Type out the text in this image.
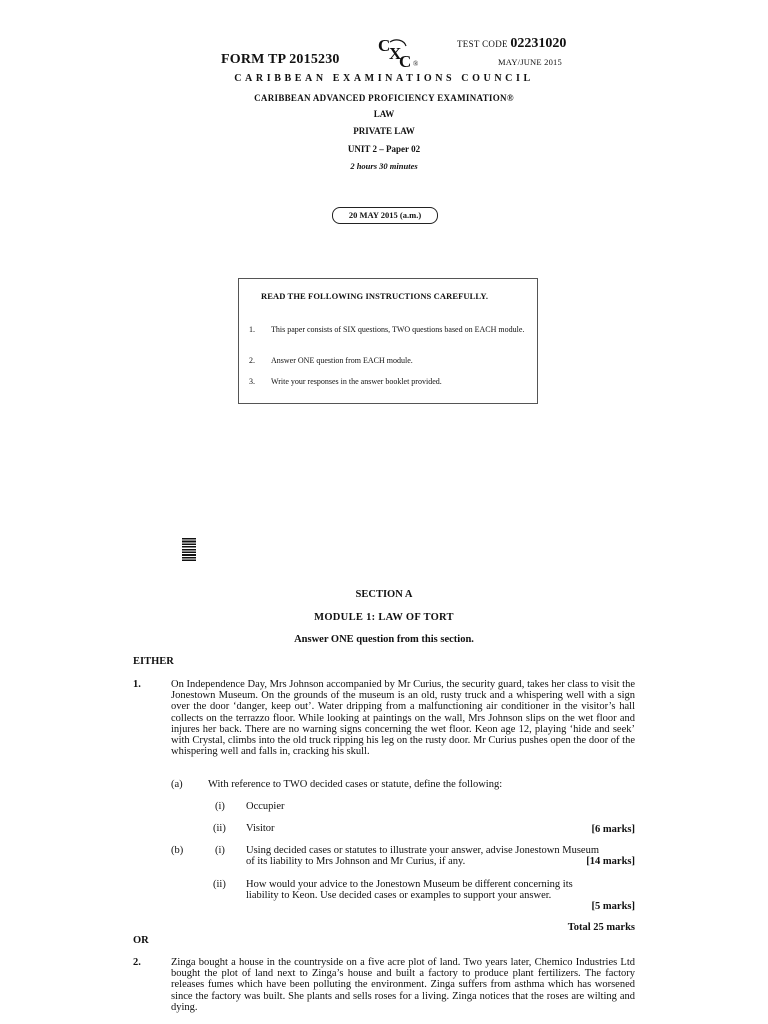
FORM TP 2015230
C
X
C ®
TEST CODE 02231020
MAY/JUNE 2015
CARIBBEAN EXAMINATIONS COUNCIL
CARIBBEAN ADVANCED PROFICIENCY EXAMINATION®
LAW
PRIVATE LAW
UNIT 2 – Paper 02
2 hours 30 minutes
20 MAY 2015 (a.m.)
READ THE FOLLOWING INSTRUCTIONS CAREFULLY.
1. This paper consists of SIX questions, TWO questions based on EACH module.
2. Answer ONE question from EACH module.
3. Write your responses in the answer booklet provided.
SECTION A
MODULE 1: LAW OF TORT
Answer ONE question from this section.
EITHER
1.	On Independence Day, Mrs Johnson accompanied by Mr Curius, the security guard, takes her class to visit the Jonestown Museum. On the grounds of the museum is an old, rusty truck and a whispering well with a sign over the door ‘danger, keep out’. Water dripping from a malfunctioning air conditioner in the visitor’s hall collects on the terrazzo floor. While looking at paintings on the wall, Mrs Johnson slips on the wet floor and injures her back. There are no warning signs concerning the wet floor. Keon age 12, playing ‘hide and seek’ with Crystal, climbs into the old truck ripping his leg on the rusty door. Mr Curius pushes open the door of the whispering well and falls in, cracking his skull.
(a) With reference to TWO decided cases or statute, define the following:
(i) Occupier
(ii) Visitor	[6 marks]
(b)	(i) Using decided cases or statutes to illustrate your answer, advise Jonestown Museum
of its liability to Mrs Johnson and Mr Curius, if any.	[14 marks]
(ii) How would your advice to the Jonestown Museum be different concerning its
liability to Keon. Use decided cases or examples to support your answer.
[5 marks]
Total 25 marks
OR
2.	Zinga bought a house in the countryside on a five acre plot of land. Two years later, Chemico Industries Ltd bought the plot of land next to Zinga’s house and built a factory to produce plant fertilizers. The factory releases fumes which have been polluting the environment. Zinga suffers from asthma which has worsened since the factory was built. She plants and sells roses for a living. Zinga notices that the roses are wilting and dying.
